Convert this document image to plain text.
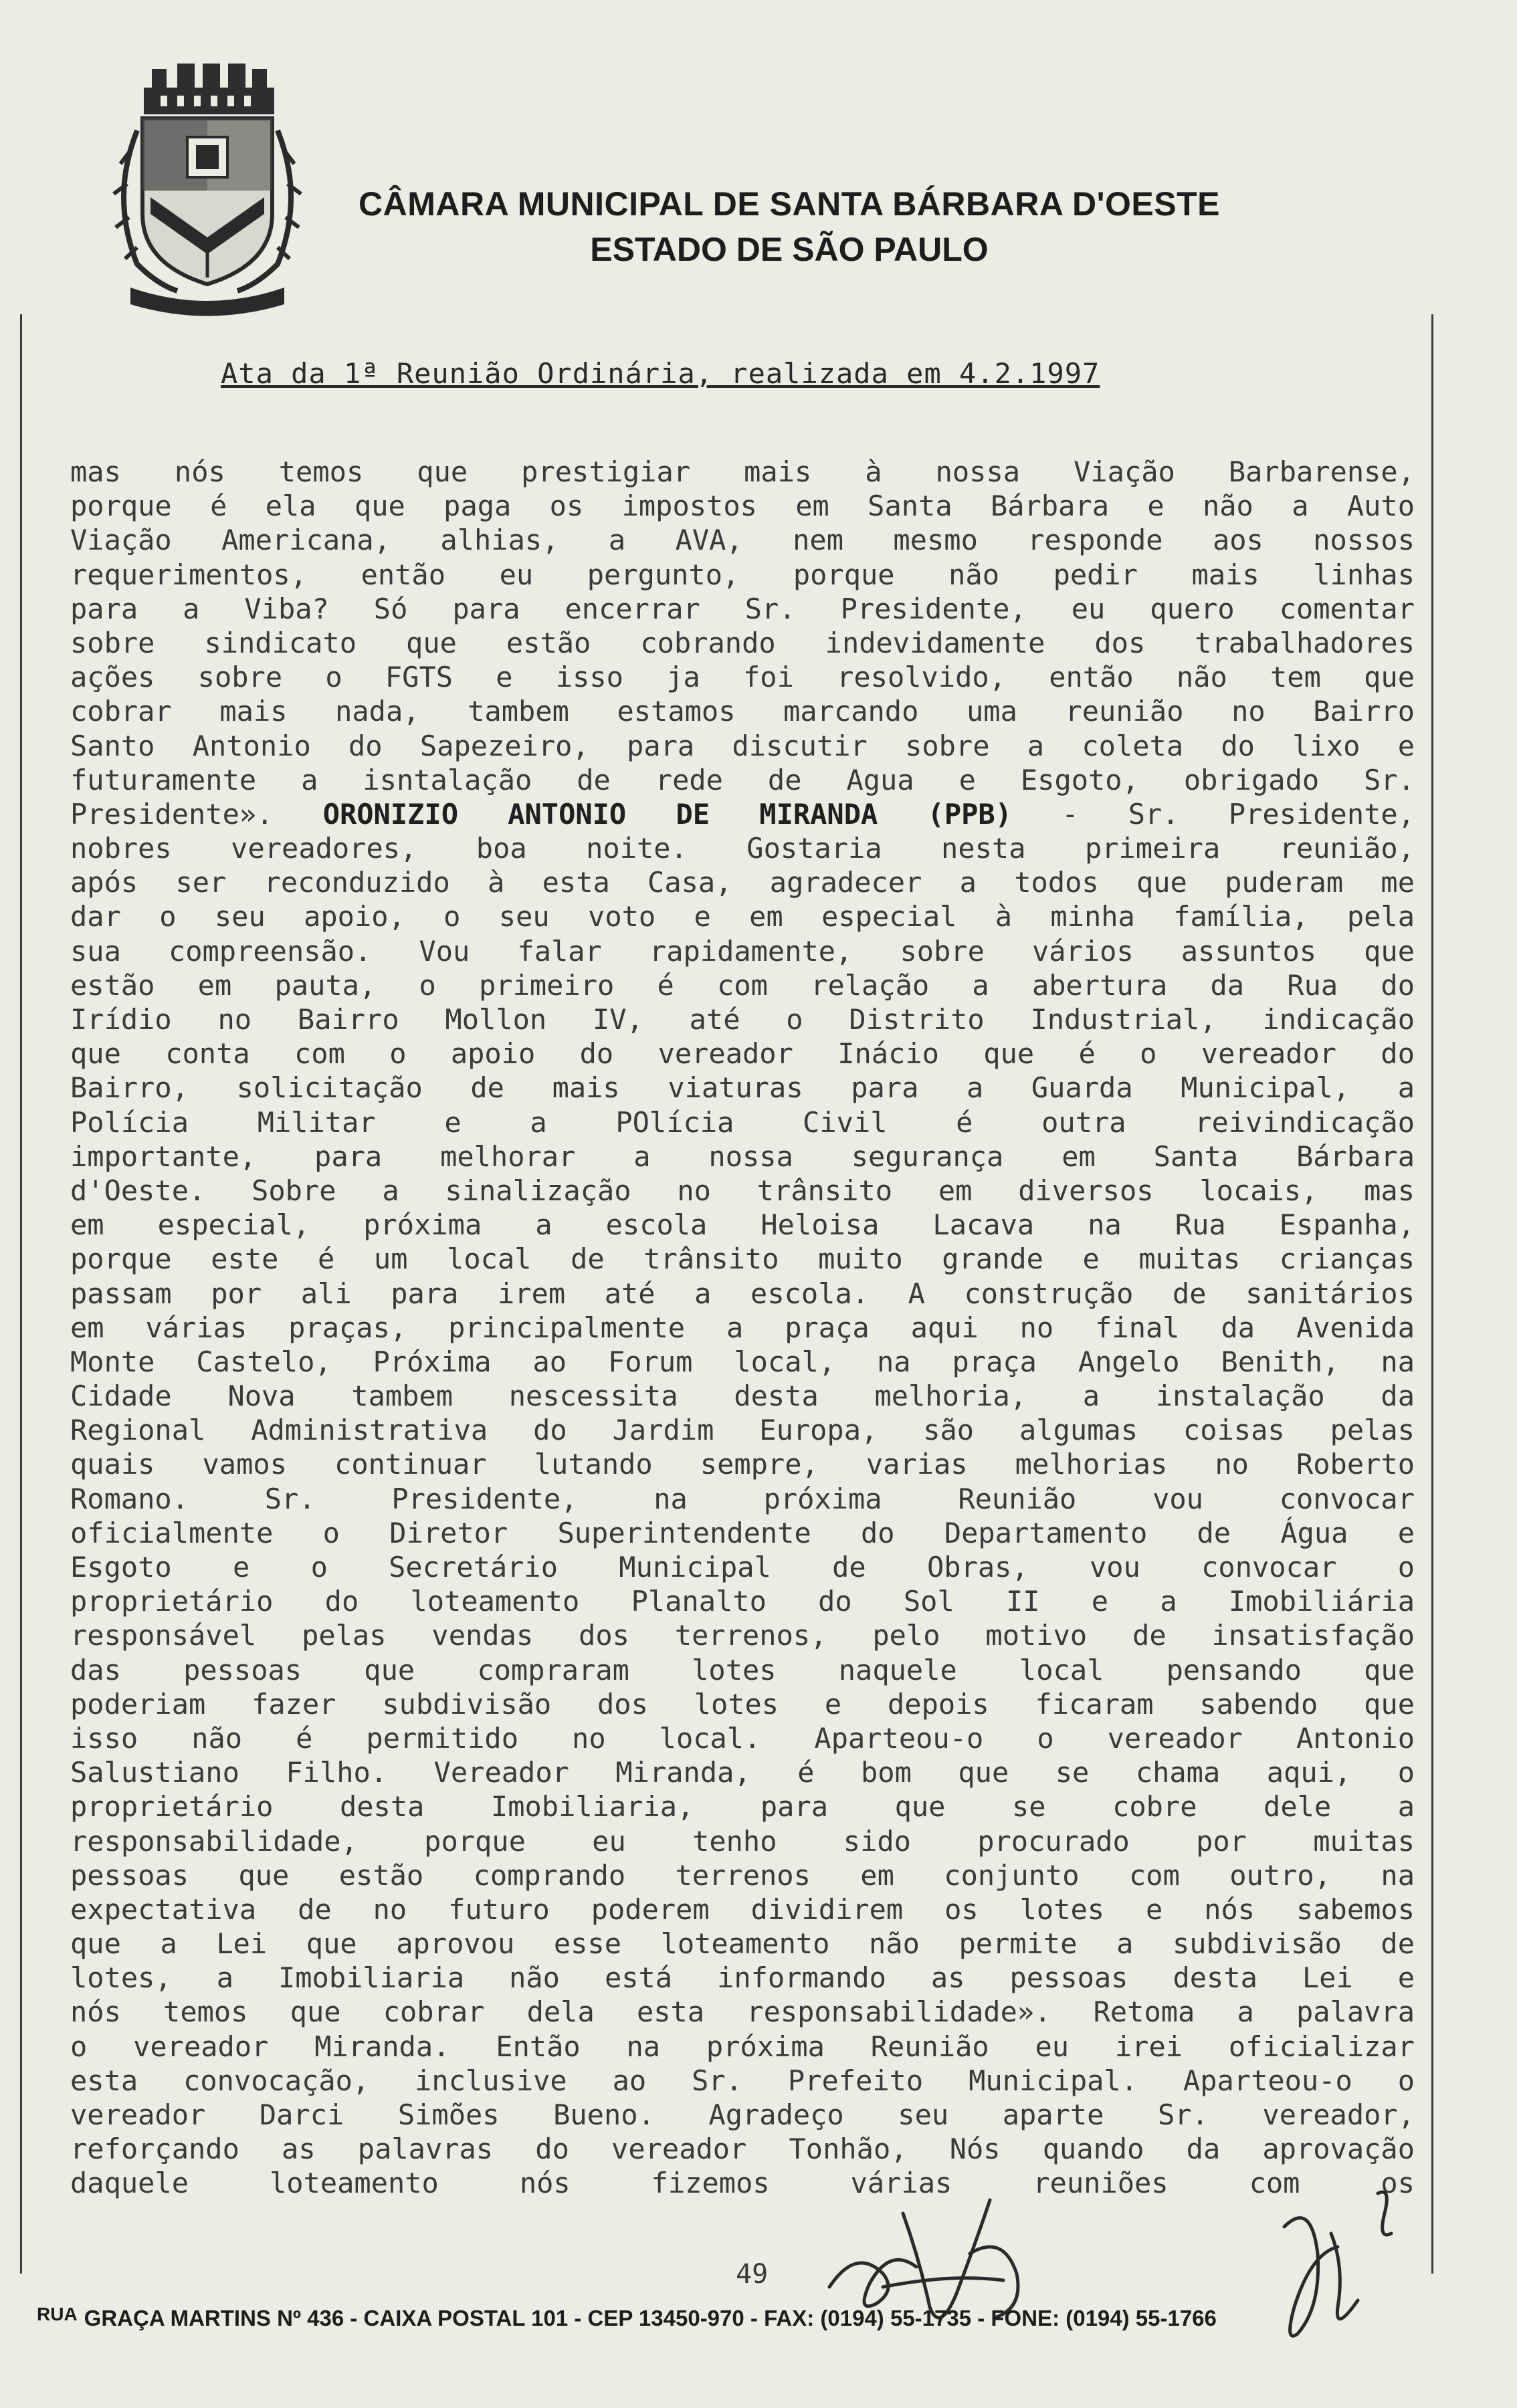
CÂMARA MUNICIPAL DE SANTA BÁRBARA D'OESTE
ESTADO DE SÃO PAULO
Ata da 1ª Reunião Ordinária, realizada em 4.2.1997
mas nós temos que prestigiar mais à nossa Viação Barbarense,
porque é ela que paga os impostos em Santa Bárbara e não a Auto
Viação Americana, alhias, a AVA, nem mesmo responde aos nossos
requerimentos, então eu pergunto, porque não pedir mais linhas
para a Viba? Só para encerrar Sr. Presidente, eu quero comentar
sobre sindicato que estão cobrando indevidamente dos trabalhadores
ações sobre o FGTS e isso ja foi resolvido, então não tem que
cobrar mais nada, tambem estamos marcando uma reunião no Bairro
Santo Antonio do Sapezeiro, para discutir sobre a coleta do lixo e
futuramente a isntalação de rede de Agua e Esgoto, obrigado Sr.
Presidente». ORONIZIO ANTONIO DE MIRANDA (PPB) - Sr. Presidente,
nobres vereadores, boa noite. Gostaria nesta primeira reunião,
após ser reconduzido à esta Casa, agradecer a todos que puderam me
dar o seu apoio, o seu voto e em especial à minha família, pela
sua compreensão. Vou falar rapidamente, sobre vários assuntos que
estão em pauta, o primeiro é com relação a abertura da Rua do
Irídio no Bairro Mollon IV, até o Distrito Industrial, indicação
que conta com o apoio do vereador Inácio que é o vereador do
Bairro, solicitação de mais viaturas para a Guarda Municipal, a
Polícia Militar e a POlícia Civil é outra reivindicação
importante, para melhorar a nossa segurança em Santa Bárbara
d'Oeste. Sobre a sinalização no trânsito em diversos locais, mas
em especial, próxima a escola Heloisa Lacava na Rua Espanha,
porque este é um local de trânsito muito grande e muitas crianças
passam por ali para irem até a escola. A construção de sanitários
em várias praças, principalmente a praça aqui no final da Avenida
Monte Castelo, Próxima ao Forum local, na praça Angelo Benith, na
Cidade Nova tambem nescessita desta melhoria, a instalação da
Regional Administrativa do Jardim Europa, são algumas coisas pelas
quais vamos continuar lutando sempre, varias melhorias no Roberto
Romano. Sr. Presidente, na próxima Reunião vou convocar
oficialmente o Diretor Superintendente do Departamento de Água e
Esgoto e o Secretário Municipal de Obras, vou convocar o
proprietário do loteamento Planalto do Sol II e a Imobiliária
responsável pelas vendas dos terrenos, pelo motivo de insatisfação
das pessoas que compraram lotes naquele local pensando que
poderiam fazer subdivisão dos lotes e depois ficaram sabendo que
isso não é permitido no local. Aparteou-o o vereador Antonio
Salustiano Filho. Vereador Miranda, é bom que se chama aqui, o
proprietário desta Imobiliaria, para que se cobre dele a
responsabilidade, porque eu tenho sido procurado por muitas
pessoas que estão comprando terrenos em conjunto com outro, na
expectativa de no futuro poderem dividirem os lotes e nós sabemos
que a Lei que aprovou esse loteamento não permite a subdivisão de
lotes, a Imobiliaria não está informando as pessoas desta Lei e
nós temos que cobrar dela esta responsabilidade». Retoma a palavra
o vereador Miranda. Então na próxima Reunião eu irei oficializar
esta convocação, inclusive ao Sr. Prefeito Municipal. Aparteou-o o
vereador Darci Simões Bueno. Agradeço seu aparte Sr. vereador,
reforçando as palavras do vereador Tonhão, Nós quando da aprovação
daquele loteamento nós fizemos várias reuniões com os
49
$^{RUA}$ GRAÇA MARTINS Nº 436 - CAIXA POSTAL 101 - CEP 13450-970 - FAX: (0194) 55-1735 - FONE: (0194) 55-1766
